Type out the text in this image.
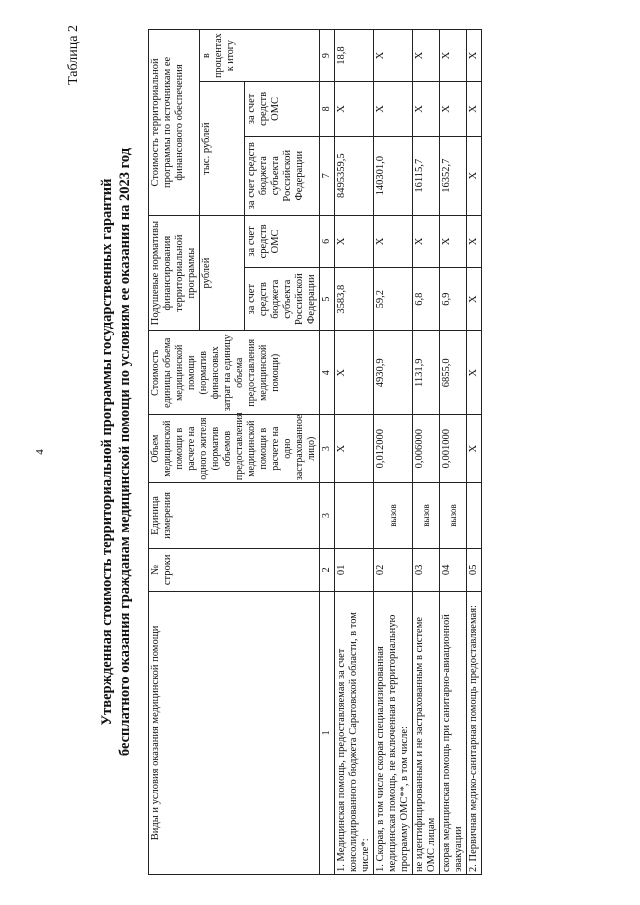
4
Таблица 2
Утвержденная стоимость территориальной программы государственных гарантий бесплатного оказания гражданам медицинской помощи по условиям ее оказания на 2023 год Виды и условия оказания медицинской помощи	№ строки	Единица измерения	Объем медицинской помощи в расчете на одного жителя (норматив объемов предоставления медицинской помощи в расчете на одно застрахованное лицо)	Стоимость единицы объема медицинской помощи (норматив финансовых затрат на единицу объема предоставления медицинской помощи)	Подушевые нормативы финансирования территориальной программы		Стоимость территориальной программы по источникам ее финансового обеспечения		
					рублей		тыс. рублей		в процентах к итогу
					за счет средств бюджета субъекта Российской Федерации	за счет средств ОМС	за счет средств бюджета субъекта Российской Федерации	за счет средств ОМС	
1	2	3	3	4	5	6	7	8	9
1. Медицинская помощь, предоставляемая за счет консолидированного бюджета Саратовской области, в том числе*:	01		X	X	3583,8	X	8495359,5	X	18,8
1. Скорая, в том числе скорая специализированная медицинская помощь, не включенная в территориальную программу ОМС**, в том числе:	02	вызов	0,012000	4930,9	59,2	X	140301,0	X	X
не идентифицированным и не застрахованным в системе ОМС лицам	03	вызов	0,006000	1131,9	6,8	X	16115,7	X	X
скорая медицинская помощь при санитарно-авиационной эвакуации	04	вызов	0,001000	6855,0	6,9	X	16352,7	X	X
2. Первичная медико-санитарная помощь предоставляемая:	05		X	X	X	X	X	X	X
